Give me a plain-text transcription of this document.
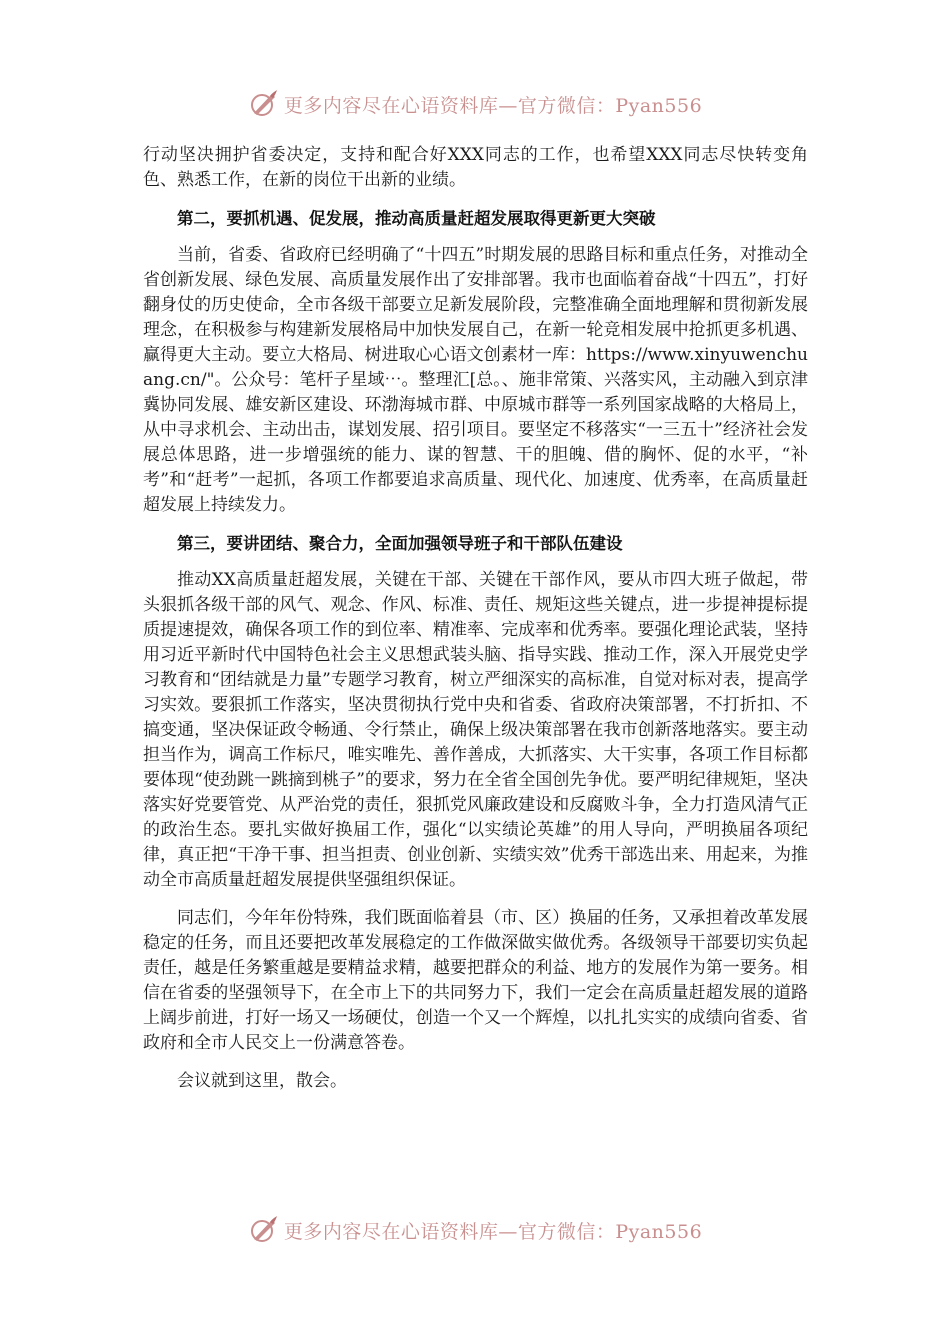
更多内容尽在心语资料库—官方微信：Pyan556

行动坚决拥护省委决定，支持和配合好XXX同志的工作，也希望XXX同志尽快转变角色、熟悉工作，在新的岗位干出新的业绩。

第二，要抓机遇、促发展，推动高质量赶超发展取得更新更大突破

当前，省委、省政府已经明确了“十四五”时期发展的思路目标和重点任务，对推动全省创新发展、绿色发展、高质量发展作出了安排部署。我市也面临着奋战“十四五”，打好翻身仗的历史使命，全市各级干部要立足新发展阶段，完整准确全面地理解和贯彻新发展理念，在积极参与构建新发展格局中加快发展自己，在新一轮竞相发展中抢抓更多机遇、赢得更大主动。要立大格局、树进取心心语文创素材一库：https://www.xinyuwenchuang.cn/"。公众号：笔杆子星域⋯。整理汇[总。、施非常策、兴落实风，主动融入到京津冀协同发展、雄安新区建设、环渤海城市群、中原城市群等一系列国家战略的大格局上，从中寻求机会、主动出击，谋划发展、招引项目。要坚定不移落实“一三五十”经济社会发展总体思路，进一步增强统的能力、谋的智慧、干的胆魄、借的胸怀、促的水平，“补考”和“赶考”一起抓，各项工作都要追求高质量、现代化、加速度、优秀率，在高质量赶超发展上持续发力。

第三，要讲团结、聚合力，全面加强领导班子和干部队伍建设

推动XX高质量赶超发展，关键在干部、关键在干部作风，要从市四大班子做起，带头狠抓各级干部的风气、观念、作风、标准、责任、规矩这些关键点，进一步提神提标提质提速提效，确保各项工作的到位率、精准率、完成率和优秀率。要强化理论武装，坚持用习近平新时代中国特色社会主义思想武装头脑、指导实践、推动工作，深入开展党史学习教育和“团结就是力量”专题学习教育，树立严细深实的高标准，自觉对标对表，提高学习实效。要狠抓工作落实，坚决贯彻执行党中央和省委、省政府决策部署，不打折扣、不搞变通，坚决保证政令畅通、令行禁止，确保上级决策部署在我市创新落地落实。要主动担当作为，调高工作标尺，唯实唯先、善作善成，大抓落实、大干实事，各项工作目标都要体现“使劲跳一跳摘到桃子”的要求，努力在全省全国创先争优。要严明纪律规矩，坚决落实好党要管党、从严治党的责任，狠抓党风廉政建设和反腐败斗争，全力打造风清气正的政治生态。要扎实做好换届工作，强化“以实绩论英雄”的用人导向，严明换届各项纪律，真正把“干净干事、担当担责、创业创新、实绩实效”优秀干部选出来、用起来，为推动全市高质量赶超发展提供坚强组织保证。

同志们，今年年份特殊，我们既面临着县（市、区）换届的任务，又承担着改革发展稳定的任务，而且还要把改革发展稳定的工作做深做实做优秀。各级领导干部要切实负起责任，越是任务繁重越是要精益求精，越要把群众的利益、地方的发展作为第一要务。相信在省委的坚强领导下，在全市上下的共同努力下，我们一定会在高质量赶超发展的道路上阔步前进，打好一场又一场硬仗，创造一个又一个辉煌，以扎扎实实的成绩向省委、省政府和全市人民交上一份满意答卷。

会议就到这里，散会。

更多内容尽在心语资料库—官方微信：Pyan556
